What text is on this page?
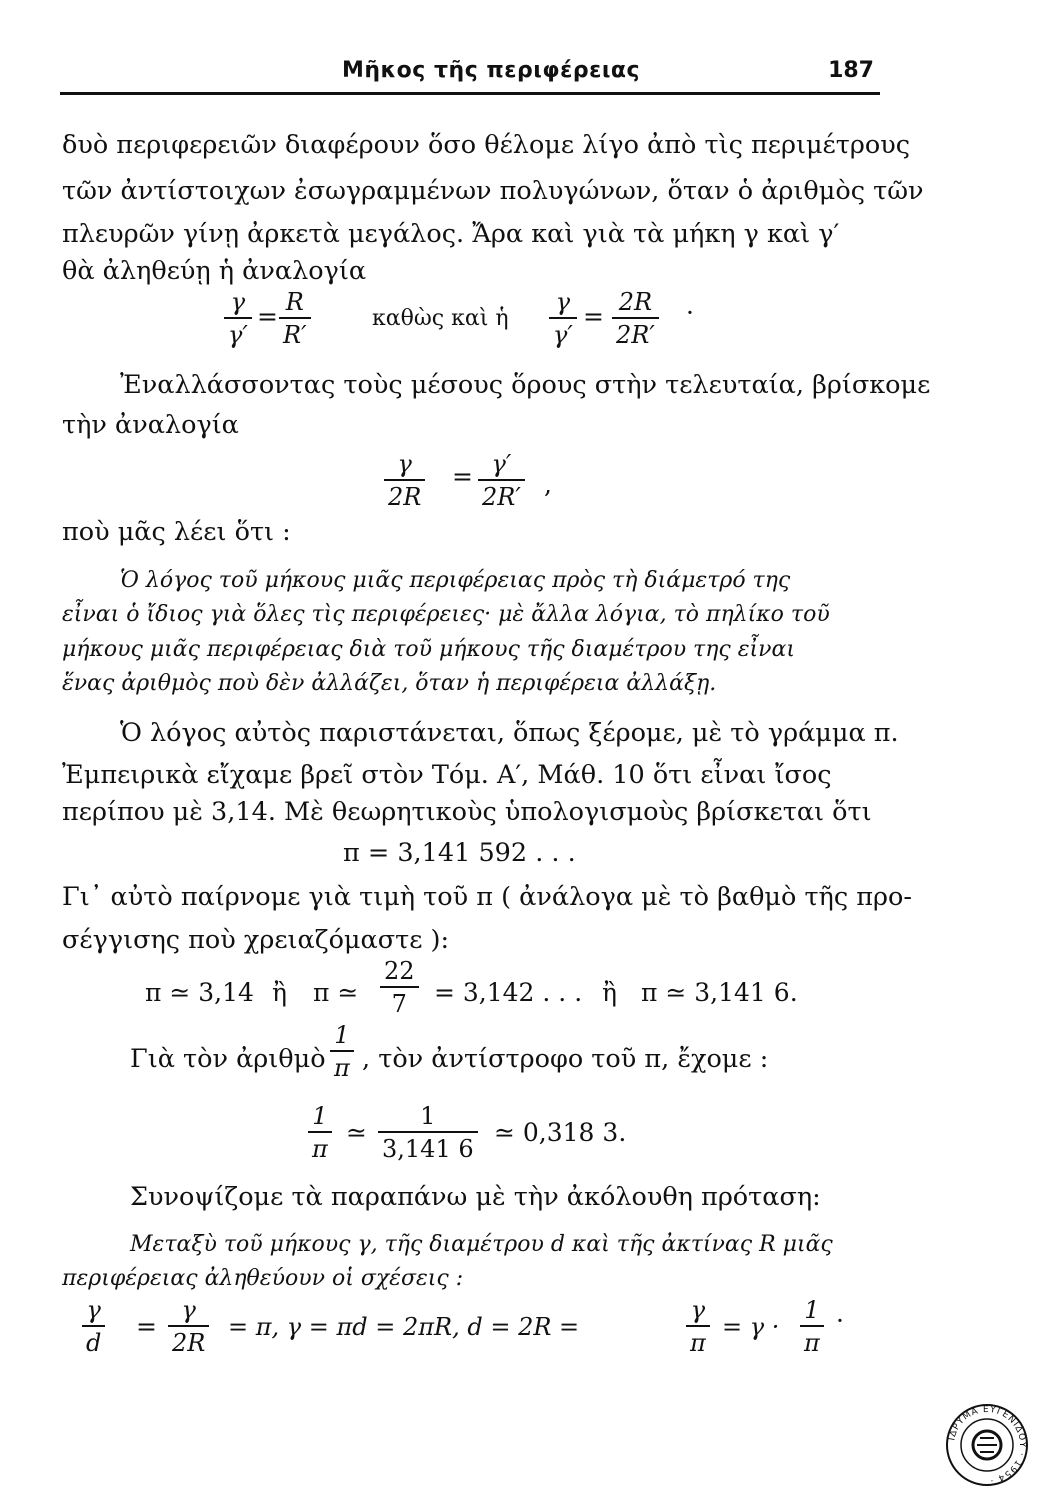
Μῆκος τῆς περιφέρειας	187
δυὸ περιφερειῶν διαφέρουν ὅσο θέλομε λίγο ἀπὸ τὶς περιμέτρους
τῶν ἀντίστοιχων ἐσωγραμμένων πολυγώνων, ὅταν ὁ ἀριθμὸς τῶν
πλευρῶν γίνῃ ἀρκετὰ μεγάλος. Ἄρα καὶ γιὰ τὰ μήκη γ καὶ γ′
θὰ ἀληθεύῃ ἡ ἀναλογία
γ
γ′
= R
R′
καθὼς καὶ ἡ
γ
γ′
= 2R
2R′
·
Ἐναλλάσσοντας τοὺς μέσους ὅρους στὴν τελευταία, βρίσκομε
τὴν ἀναλογία
γ
2R
= γ′
2R′ ,
ποὺ μᾶς λέει ὅτι :
Ὁ λόγος τοῦ μήκους μιᾶς περιφέρειας πρὸς τὴ διάμετρό της
εἶναι ὁ ἴδιος γιὰ ὅλες τὶς περιφέρειες· μὲ ἄλλα λόγια, τὸ πηλίκο τοῦ
μήκους μιᾶς περιφέρειας διὰ τοῦ μήκους τῆς διαμέτρου της εἶναι
ἕνας ἀριθμὸς ποὺ δὲν ἀλλάζει, ὅταν ἡ περιφέρεια ἀλλάξῃ.
Ὁ λόγος αὐτὸς παριστάνεται, ὅπως ξέρομε, μὲ τὸ γράμμα π.
Ἐμπειρικὰ εἴχαμε βρεῖ στὸν Τόμ. Α′, Μάθ. 10 ὅτι εἶναι ἴσος
περίπου μὲ 3,14. Μὲ θεωρητικοὺς ὑπολογισμοὺς βρίσκεται ὅτι
π = 3,141 592 . . .
Γι᾽ αὐτὸ παίρνομε γιὰ τιμὴ τοῦ π ( ἀνάλογα μὲ τὸ βαθμὸ τῆς προ-
σέγγισης ποὺ χρειαζόμαστε ):
π ≃ 3,14 ἢ π ≃
22
7	= 3,142 . . . ἢ π ≃ 3,141 6.
Γιὰ τὸν ἀριθμὸ
1
π , τὸν ἀντίστροφο τοῦ π, ἔχομε :
1
π
≃
1
3,141 6
≃ 0,318 3.
Συνοψίζομε τὰ παραπάνω μὲ τὴν ἀκόλουθη πρόταση:
Μεταξὺ τοῦ μήκους γ, τῆς διαμέτρου d καὶ τῆς ἀκτίνας R μιᾶς
περιφέρειας ἀληθεύουν οἱ σχέσεις :
γ
d
=
γ
2R
= π, γ = πd = 2πR, d = 2R =
γ
π
= γ ·
1
π
·
ΙΔΡΥΜΑ ΕΥΓΕΝΙΔΟΥ · 1954 ·
